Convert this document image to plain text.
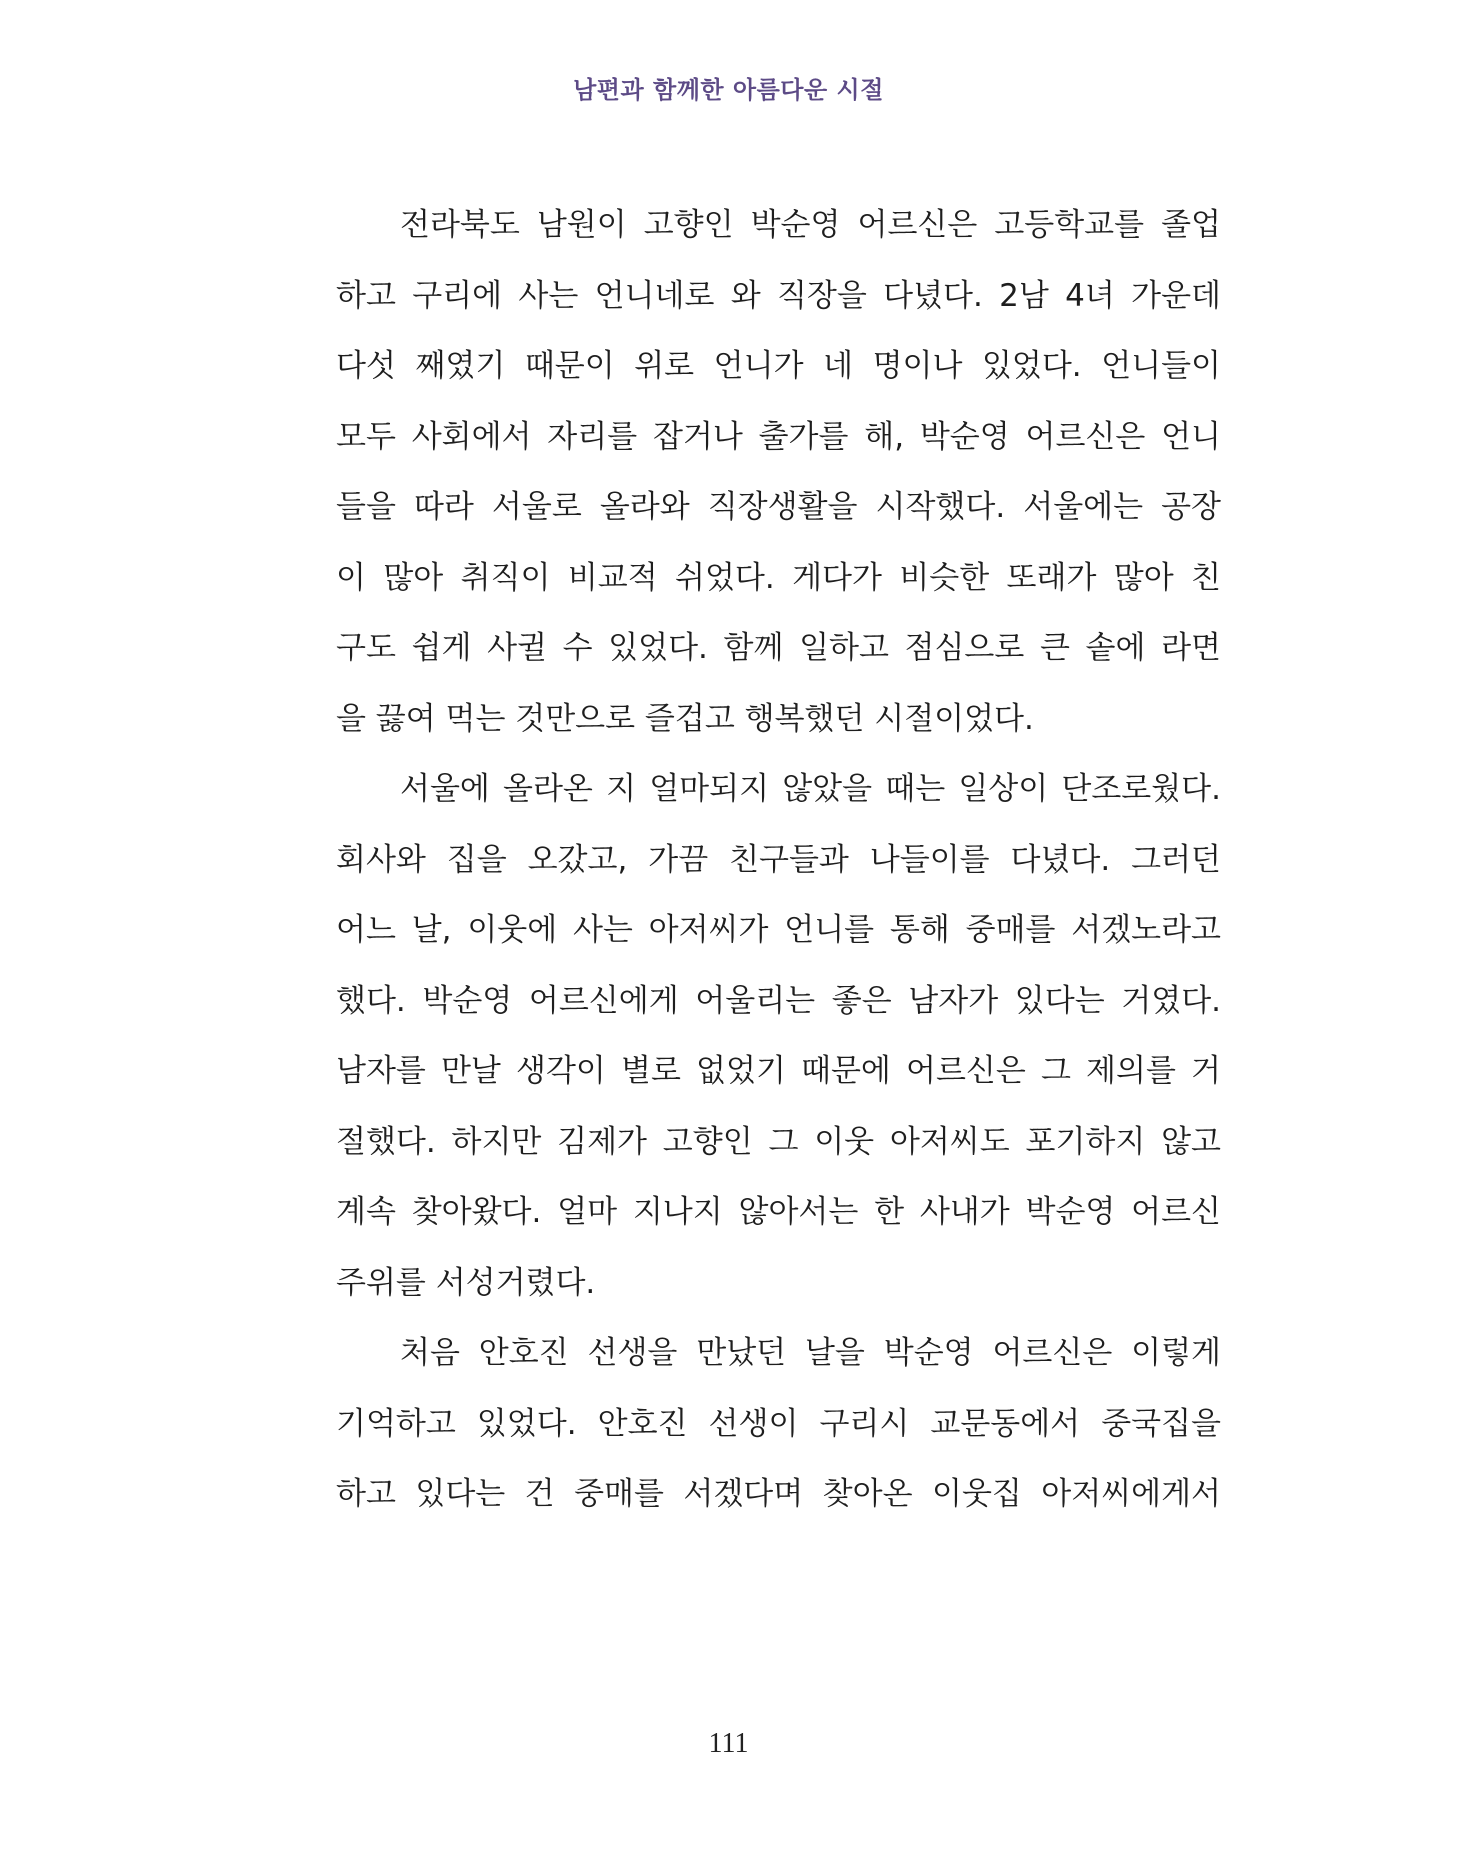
남편과 함께한 아름다운 시절
전라북도 남원이 고향인 박순영 어르신은 고등학교를 졸업
하고 구리에 사는 언니네로 와 직장을 다녔다. 2남 4녀 가운데
다섯 째였기 때문이 위로 언니가 네 명이나 있었다. 언니들이
모두 사회에서 자리를 잡거나 출가를 해, 박순영 어르신은 언니
들을 따라 서울로 올라와 직장생활을 시작했다. 서울에는 공장
이 많아 취직이 비교적 쉬었다. 게다가 비슷한 또래가 많아 친
구도 쉽게 사귈 수 있었다. 함께 일하고 점심으로 큰 솥에 라면
을 끓여 먹는 것만으로 즐겁고 행복했던 시절이었다.
서울에 올라온 지 얼마되지 않았을 때는 일상이 단조로웠다.
회사와 집을 오갔고, 가끔 친구들과 나들이를 다녔다. 그러던
어느 날, 이웃에 사는 아저씨가 언니를 통해 중매를 서겠노라고
했다. 박순영 어르신에게 어울리는 좋은 남자가 있다는 거였다.
남자를 만날 생각이 별로 없었기 때문에 어르신은 그 제의를 거
절했다. 하지만 김제가 고향인 그 이웃 아저씨도 포기하지 않고
계속 찾아왔다. 얼마 지나지 않아서는 한 사내가 박순영 어르신
주위를 서성거렸다.
처음 안호진 선생을 만났던 날을 박순영 어르신은 이렇게
기억하고 있었다. 안호진 선생이 구리시 교문동에서 중국집을
하고 있다는 건 중매를 서겠다며 찾아온 이웃집 아저씨에게서
111
